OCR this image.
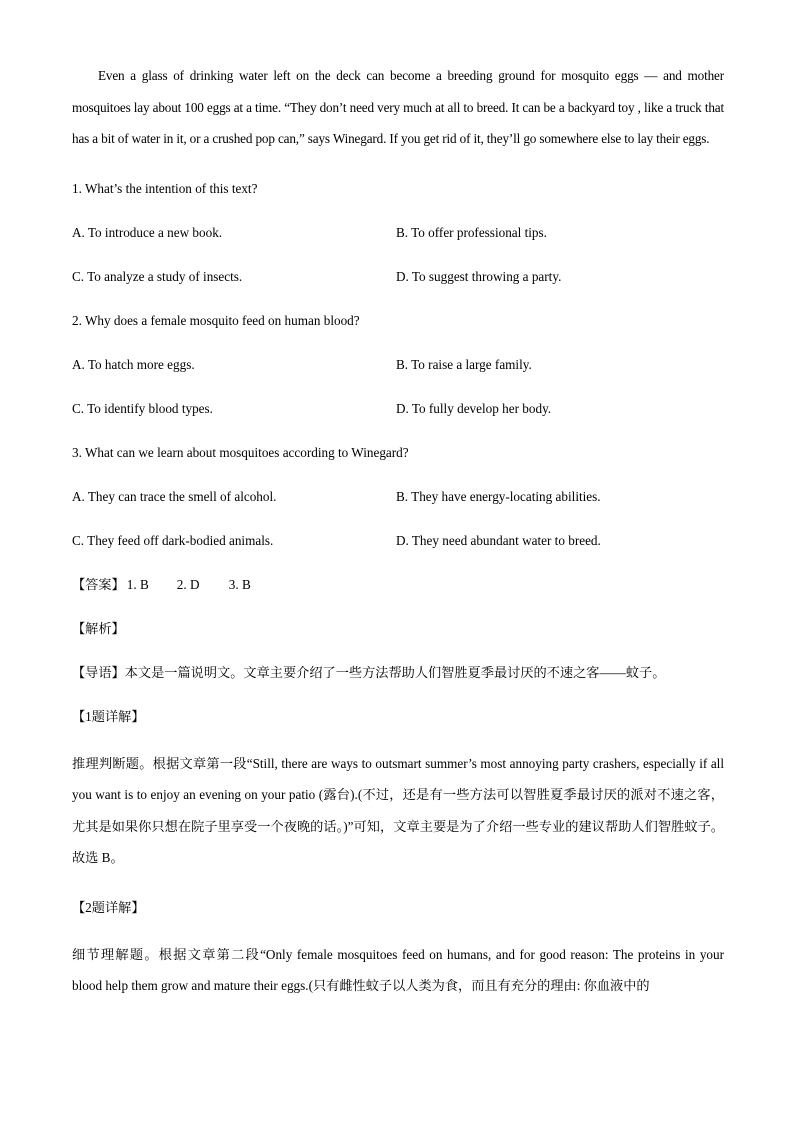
Even a glass of drinking water left on the deck can become a breeding ground for mosquito eggs — and mother mosquitoes lay about 100 eggs at a time. “They don’t need very much at all to breed. It can be a backyard toy , like a truck that has a bit of water in it, or a crushed pop can,” says Winegard. If you get rid of it, they’ll go somewhere else to lay their eggs.

1. What’s the intention of this text?

A. To introduce a new book.	B. To offer professional tips.
C. To analyze a study of insects.	D. To suggest throwing a party.

2. Why does a female mosquito feed on human blood?

A. To hatch more eggs.	B. To raise a large family.
C. To identify blood types.	D. To fully develop her body.

3. What can we learn about mosquitoes according to Winegard?

A. They can trace the smell of alcohol.	B. They have energy-locating abilities.
C. They feed off dark-bodied animals.	D. They need abundant water to breed.
【答案】 1. B 2. D 3. B
【解析】
【导语】本文是一篇说明文。文章主要介绍了一些方法帮助人们智胜夏季最讨厌的不速之客——蚊子。
【1题详解】

推理判断题。根据文章第一段“Still, there are ways to outsmart summer’s most annoying party crashers, especially if all you want is to enjoy an evening on your patio (露台).(不过，还是有一些方法可以智胜夏季最讨厌的派对不速之客，尤其是如果你只想在院子里享受一个夜晚的话。)”可知，文章主要是为了介绍一些专业的建议帮助人们智胜蚊子。故选 B。

【2题详解】

细节理解题。根据文章第二段“Only female mosquitoes feed on humans, and for good reason: The proteins in your blood help them grow and mature their eggs.(只有雌性蚊子以人类为食，而且有充分的理由: 你血液中的
